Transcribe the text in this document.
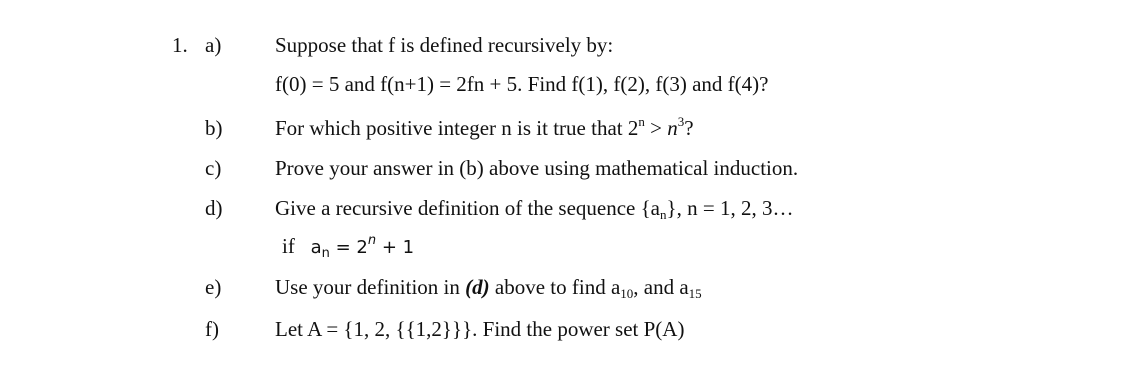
1. a)	Suppose that f is defined recursively by:
f(0) = 5 and f(n+1) = 2fn + 5. Find f(1), f(2), f(3) and f(4)?
b)	For which positive integer n is it true that $2^n > n^3$?
c)	Prove your answer in (b) above using mathematical induction.
d)	Give a recursive definition of the sequence {an}, n = 1, 2, 3…
if $a_n = 2^n + 1$
e)	Use your definition in (d) above to find a10, and a15
f)	Let A = {1, 2, {{1,2}}}. Find the power set P(A)
